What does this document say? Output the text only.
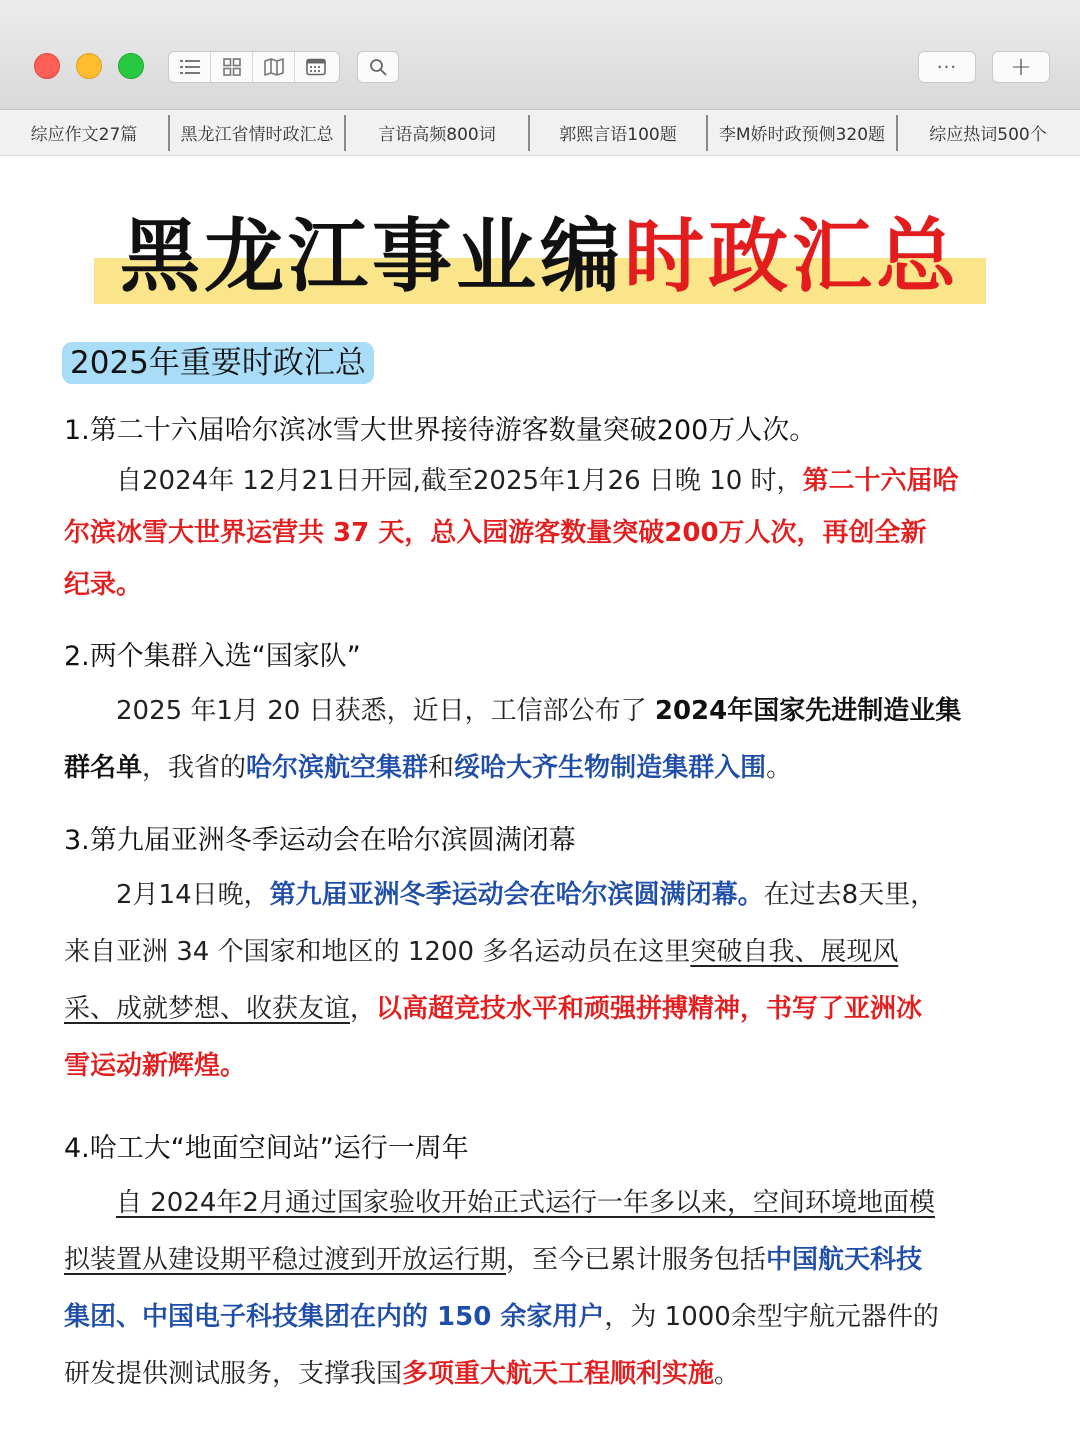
···	+
综应作文27篇	黑龙江省情时政汇总	言语高频800词	郭熙言语100题	李M娇时政预侧320题	综应热词500个
黑龙江事业编时政汇总
2025年重要时政汇总
1.第二十六届哈尔滨冰雪大世界接待游客数量突破200万人次。
自2024年 12月21日开园,截至2025年1月26 日晚 10 时，第二十六届哈
尔滨冰雪大世界运营共 37 天，总入园游客数量突破200万人次，再创全新
纪录。
2.两个集群入选“国家队”
2025 年1月 20 日获悉，近日，工信部公布了 2024年国家先进制造业集
群名单，我省的哈尔滨航空集群和绥哈大齐生物制造集群入围。
3.第九届亚洲冬季运动会在哈尔滨圆满闭幕
2月14日晚，第九届亚洲冬季运动会在哈尔滨圆满闭幕。在过去8天里，
来自亚洲 34 个国家和地区的 1200 多名运动员在这里突破自我、展现风
采、成就梦想、收获友谊，以高超竞技水平和顽强拼搏精神，书写了亚洲冰
雪运动新辉煌。
4.哈工大“地面空间站”运行一周年
自 2024年2月通过国家验收开始正式运行一年多以来，空间环境地面模
拟装置从建设期平稳过渡到开放运行期，至今已累计服务包括中国航天科技
集团、中国电子科技集团在内的 150 余家用户，为 1000余型宇航元器件的
研发提供测试服务，支撑我国多项重大航天工程顺利实施。
